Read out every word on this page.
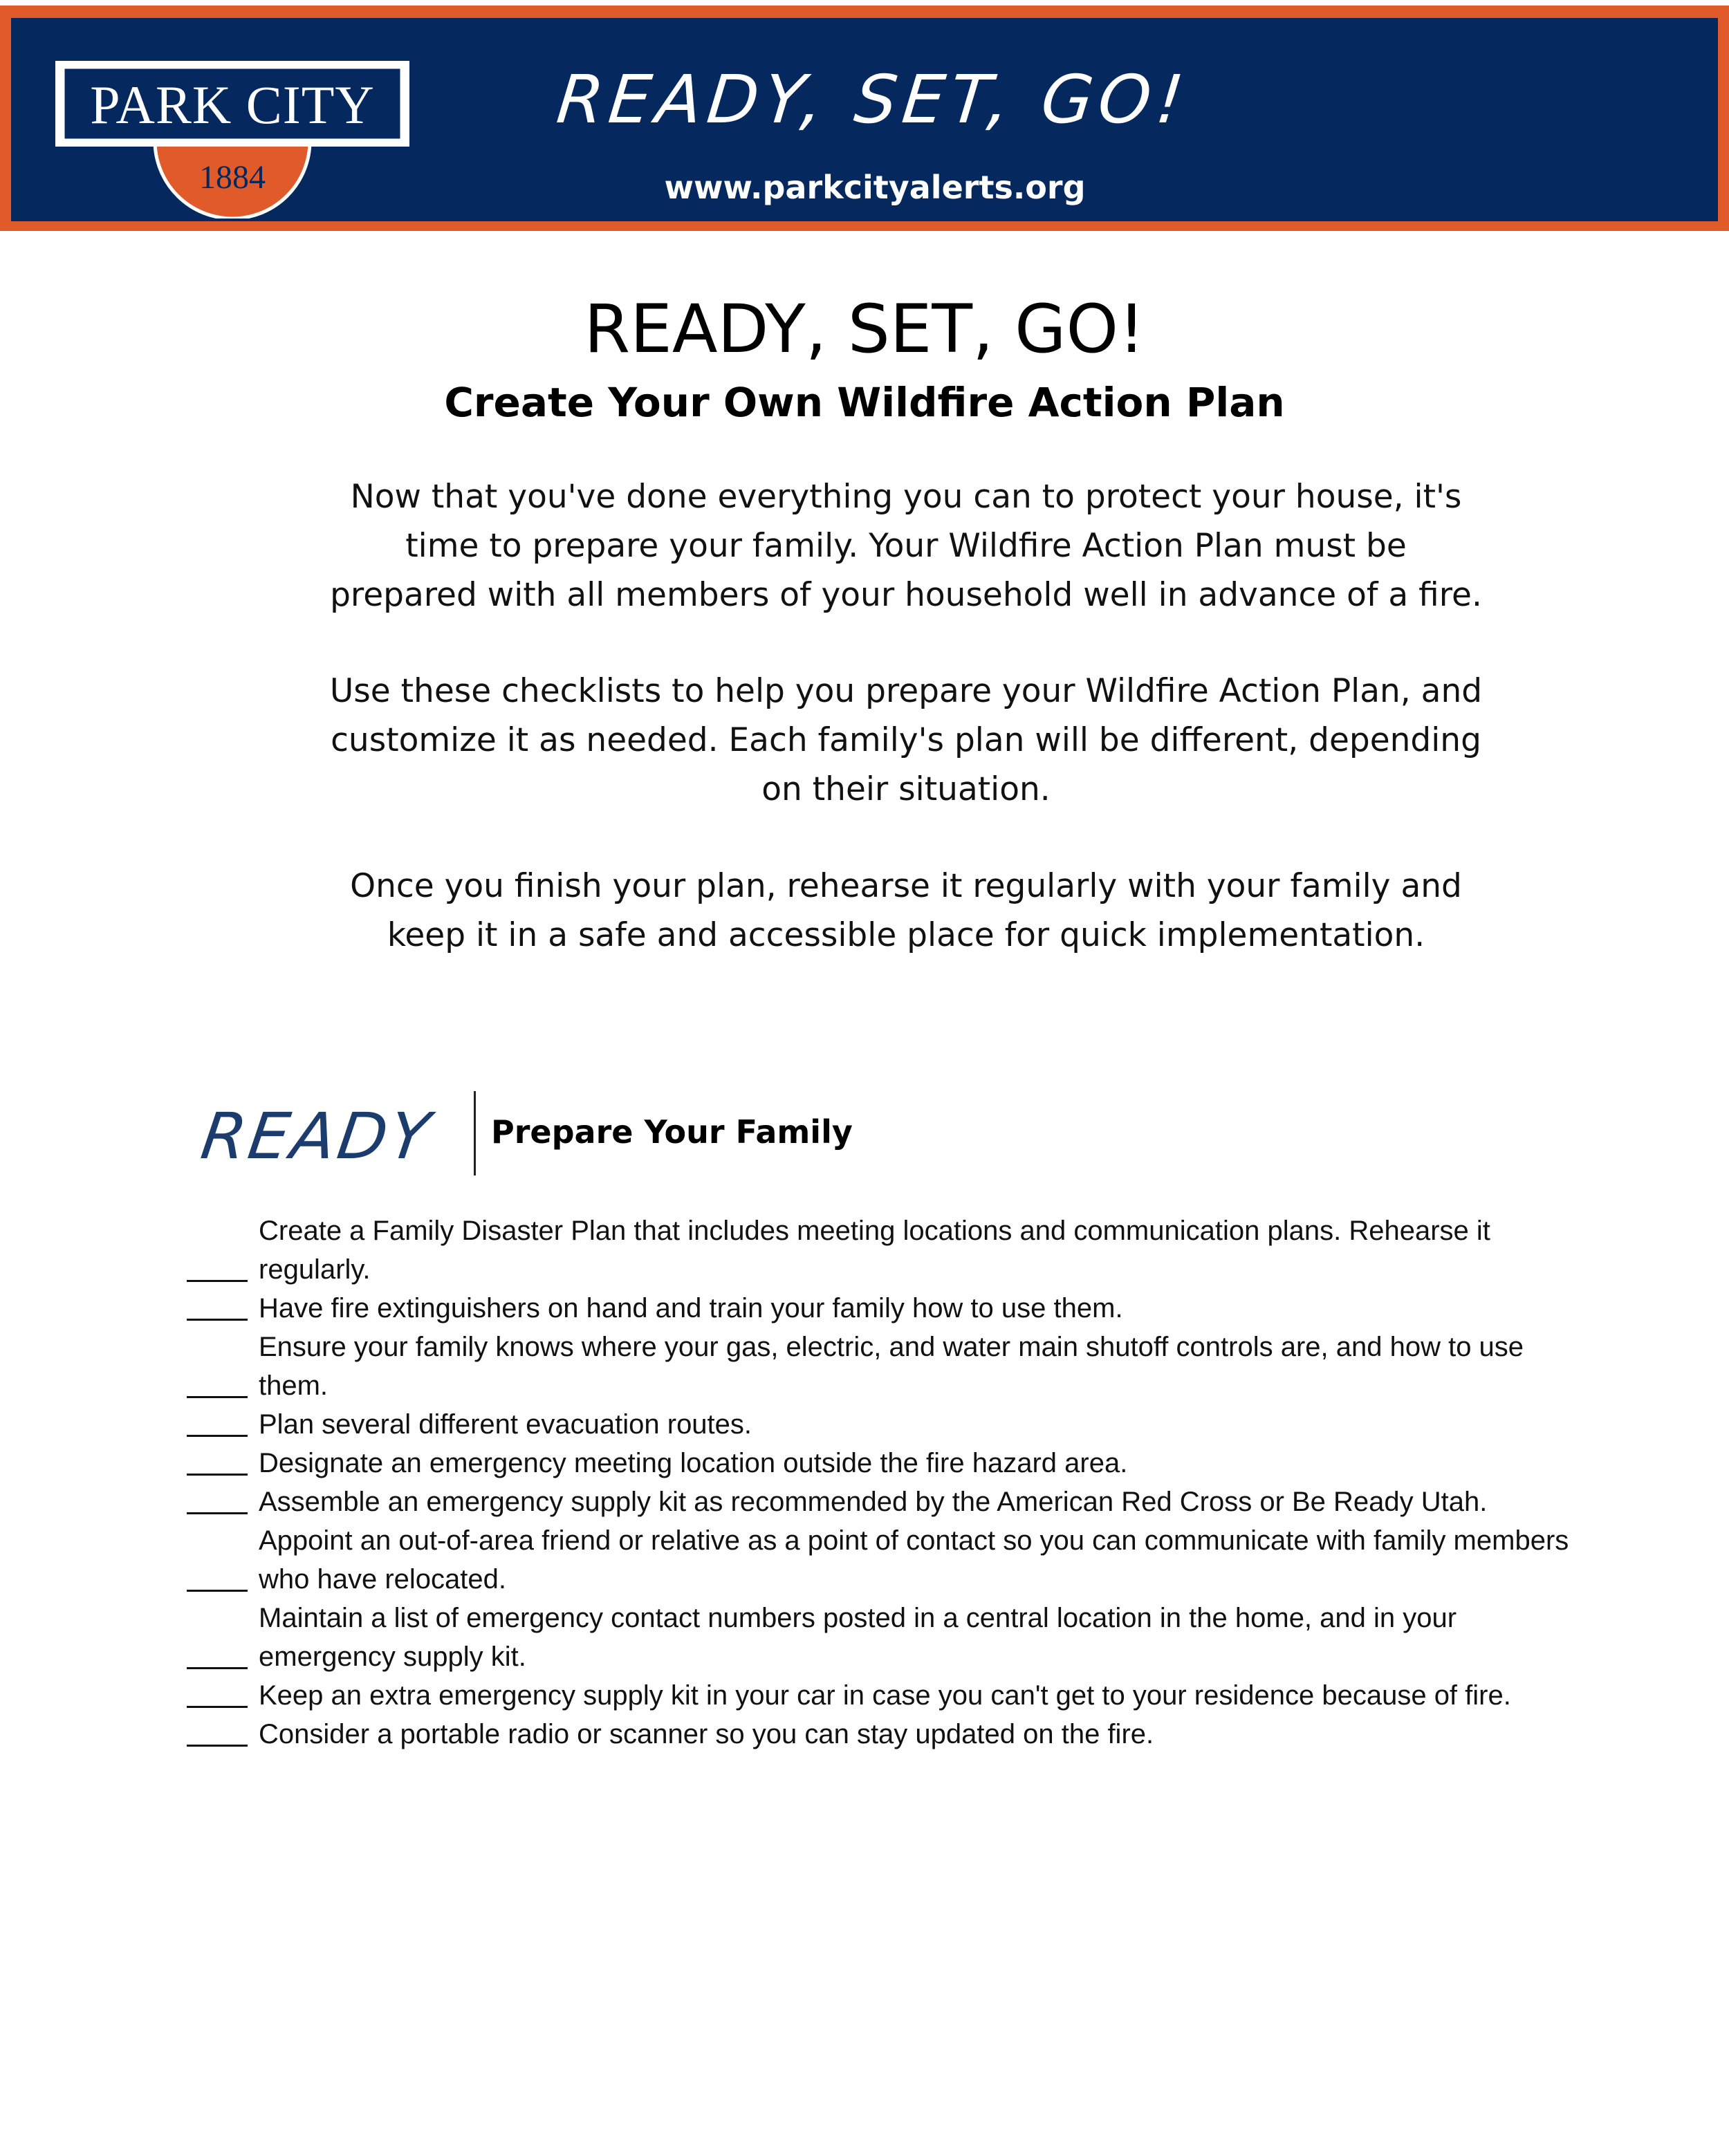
PARK CITY
1884
READY, SET, GO!
www.parkcityalerts.org
READY, SET, GO!
Create Your Own Wildfire Action Plan

Now that you've done everything you can to protect your house, it's
time to prepare your family. Your Wildfire Action Plan must be
prepared with all members of your household well in advance of a fire.

Use these checklists to help you prepare your Wildfire Action Plan, and
customize it as needed. Each family's plan will be different, depending
on their situation.

Once you finish your plan, rehearse it regularly with your family and
keep it in a safe and accessible place for quick implementation.

READY Prepare Your Family
Create a Family Disaster Plan that includes meeting locations and communication plans. Rehearse it regularly.
Have fire extinguishers on hand and train your family how to use them.
Ensure your family knows where your gas, electric, and water main shutoff controls are, and how to use them.
Plan several different evacuation routes.
Designate an emergency meeting location outside the fire hazard area.
Assemble an emergency supply kit as recommended by the American Red Cross or Be Ready Utah.
Appoint an out-of-area friend or relative as a point of contact so you can communicate with family members who have relocated.
Maintain a list of emergency contact numbers posted in a central location in the home, and in your emergency supply kit.
Keep an extra emergency supply kit in your car in case you can't get to your residence because of fire.
Consider a portable radio or scanner so you can stay updated on the fire.
